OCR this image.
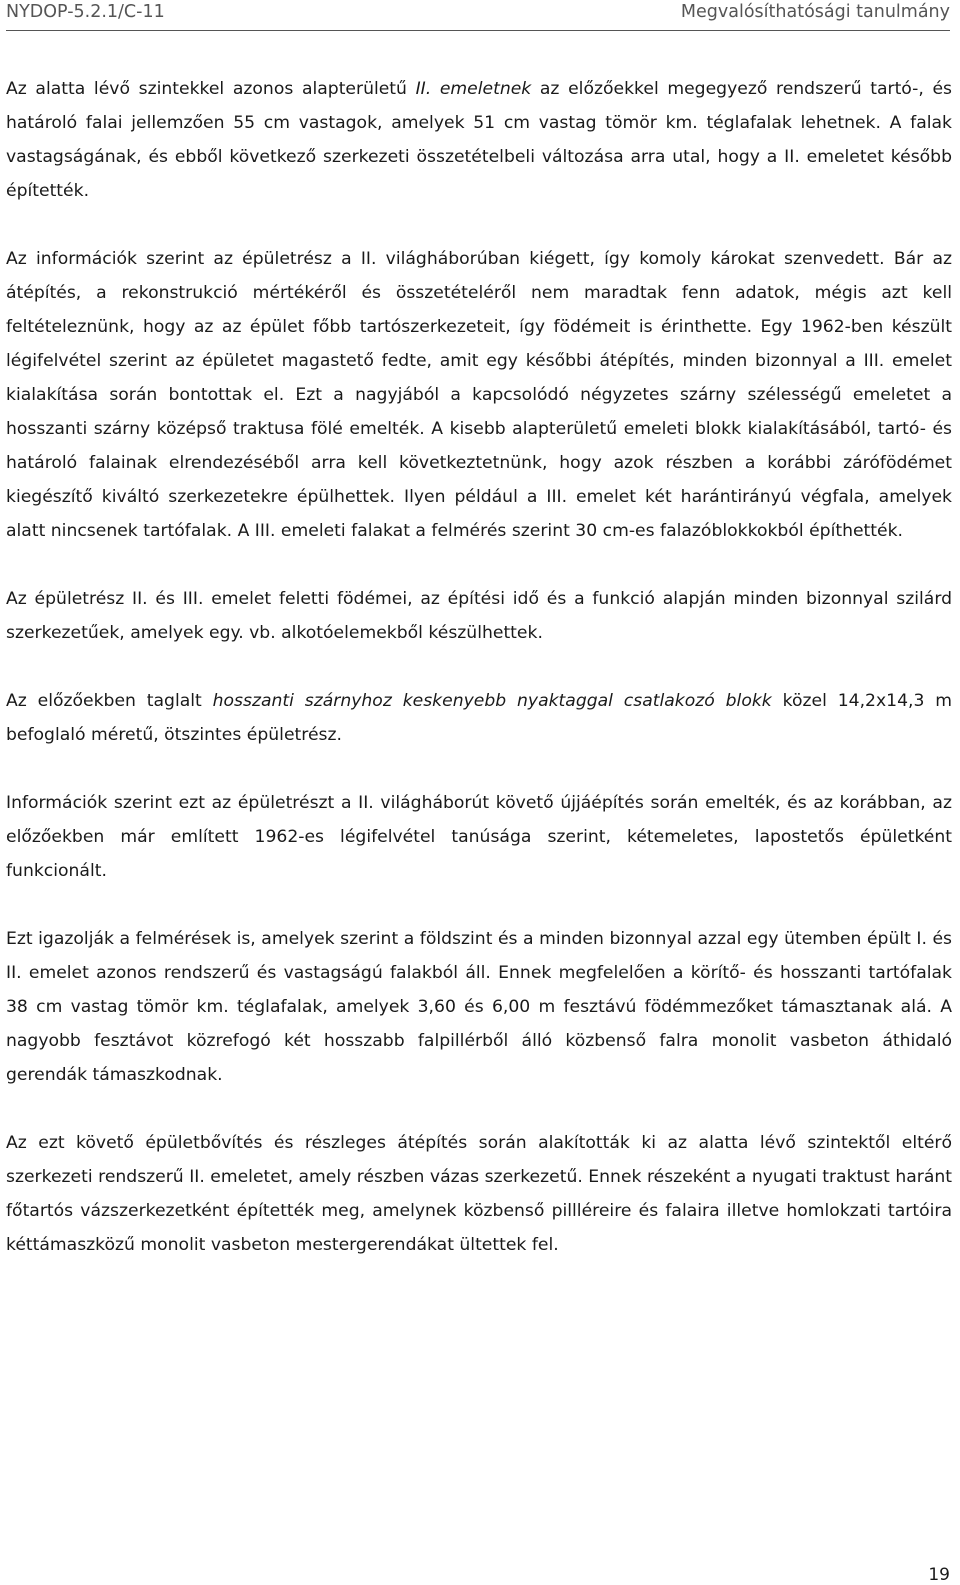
NYDOP-5.2.1/C-11	Megvalósíthatósági tanulmány

Az alatta lévő szintekkel azonos alapterületű II. emeletnek az előzőekkel megegyező rendszerű tartó-, és határoló falai jellemzően 55 cm vastagok, amelyek 51 cm vastag tömör km. téglafalak lehetnek. A falak vastagságának, és ebből következő szerkezeti összetételbeli változása arra utal, hogy a II. emeletet később építették.

Az információk szerint az épületrész a II. világháborúban kiégett, így komoly károkat szenvedett. Bár az átépítés, a rekonstrukció mértékéről és összetételéről nem maradtak fenn adatok, mégis azt kell feltételeznünk, hogy az az épület főbb tartószerkezeteit, így födémeit is érinthette. Egy 1962-ben készült légifelvétel szerint az épületet magastető fedte, amit egy későbbi átépítés, minden bizonnyal a III. emelet kialakítása során bontottak el. Ezt a nagyjából a kapcsolódó négyzetes szárny szélességű emeletet a hosszanti szárny középső traktusa fölé emelték. A kisebb alapterületű emeleti blokk kialakításából, tartó- és határoló falainak elrendezéséből arra kell következtetnünk, hogy azok részben a korábbi zárófödémet kiegészítő kiváltó szerkezetekre épülhettek. Ilyen például a III. emelet két harántirányú végfala, amelyek alatt nincsenek tartófalak. A III. emeleti falakat a felmérés szerint 30 cm-es falazóblokkokból építhették.

Az épületrész II. és III. emelet feletti födémei, az építési idő és a funkció alapján minden bizonnyal szilárd szerkezetűek, amelyek egy. vb. alkotóelemekből készülhettek.

Az előzőekben taglalt hosszanti szárnyhoz keskenyebb nyaktaggal csatlakozó blokk közel 14,2x14,3 m befoglaló méretű, ötszintes épületrész.

Információk szerint ezt az épületrészt a II. világháborút követő újjáépítés során emelték, és az korábban, az előzőekben már említett 1962-es légifelvétel tanúsága szerint, kétemeletes, lapostetős épületként funkcionált.

Ezt igazolják a felmérések is, amelyek szerint a földszint és a minden bizonnyal azzal egy ütemben épült I. és II. emelet azonos rendszerű és vastagságú falakból áll. Ennek megfelelően a körítő- és hosszanti tartófalak 38 cm vastag tömör km. téglafalak, amelyek 3,60 és 6,00 m fesztávú födémmezőket támasztanak alá. A nagyobb fesztávot közrefogó két hosszabb falpillérből álló közbenső falra monolit vasbeton áthidaló gerendák támaszkodnak.

Az ezt követő épületbővítés és részleges átépítés során alakították ki az alatta lévő szintektől eltérő szerkezeti rendszerű II. emeletet, amely részben vázas szerkezetű. Ennek részeként a nyugati traktust haránt főtartós vázszerkezetként építették meg, amelynek közbenső pillléreire és falaira illetve homlokzati tartóira kéttámaszközű monolit vasbeton mestergerendákat ültettek fel.

19
